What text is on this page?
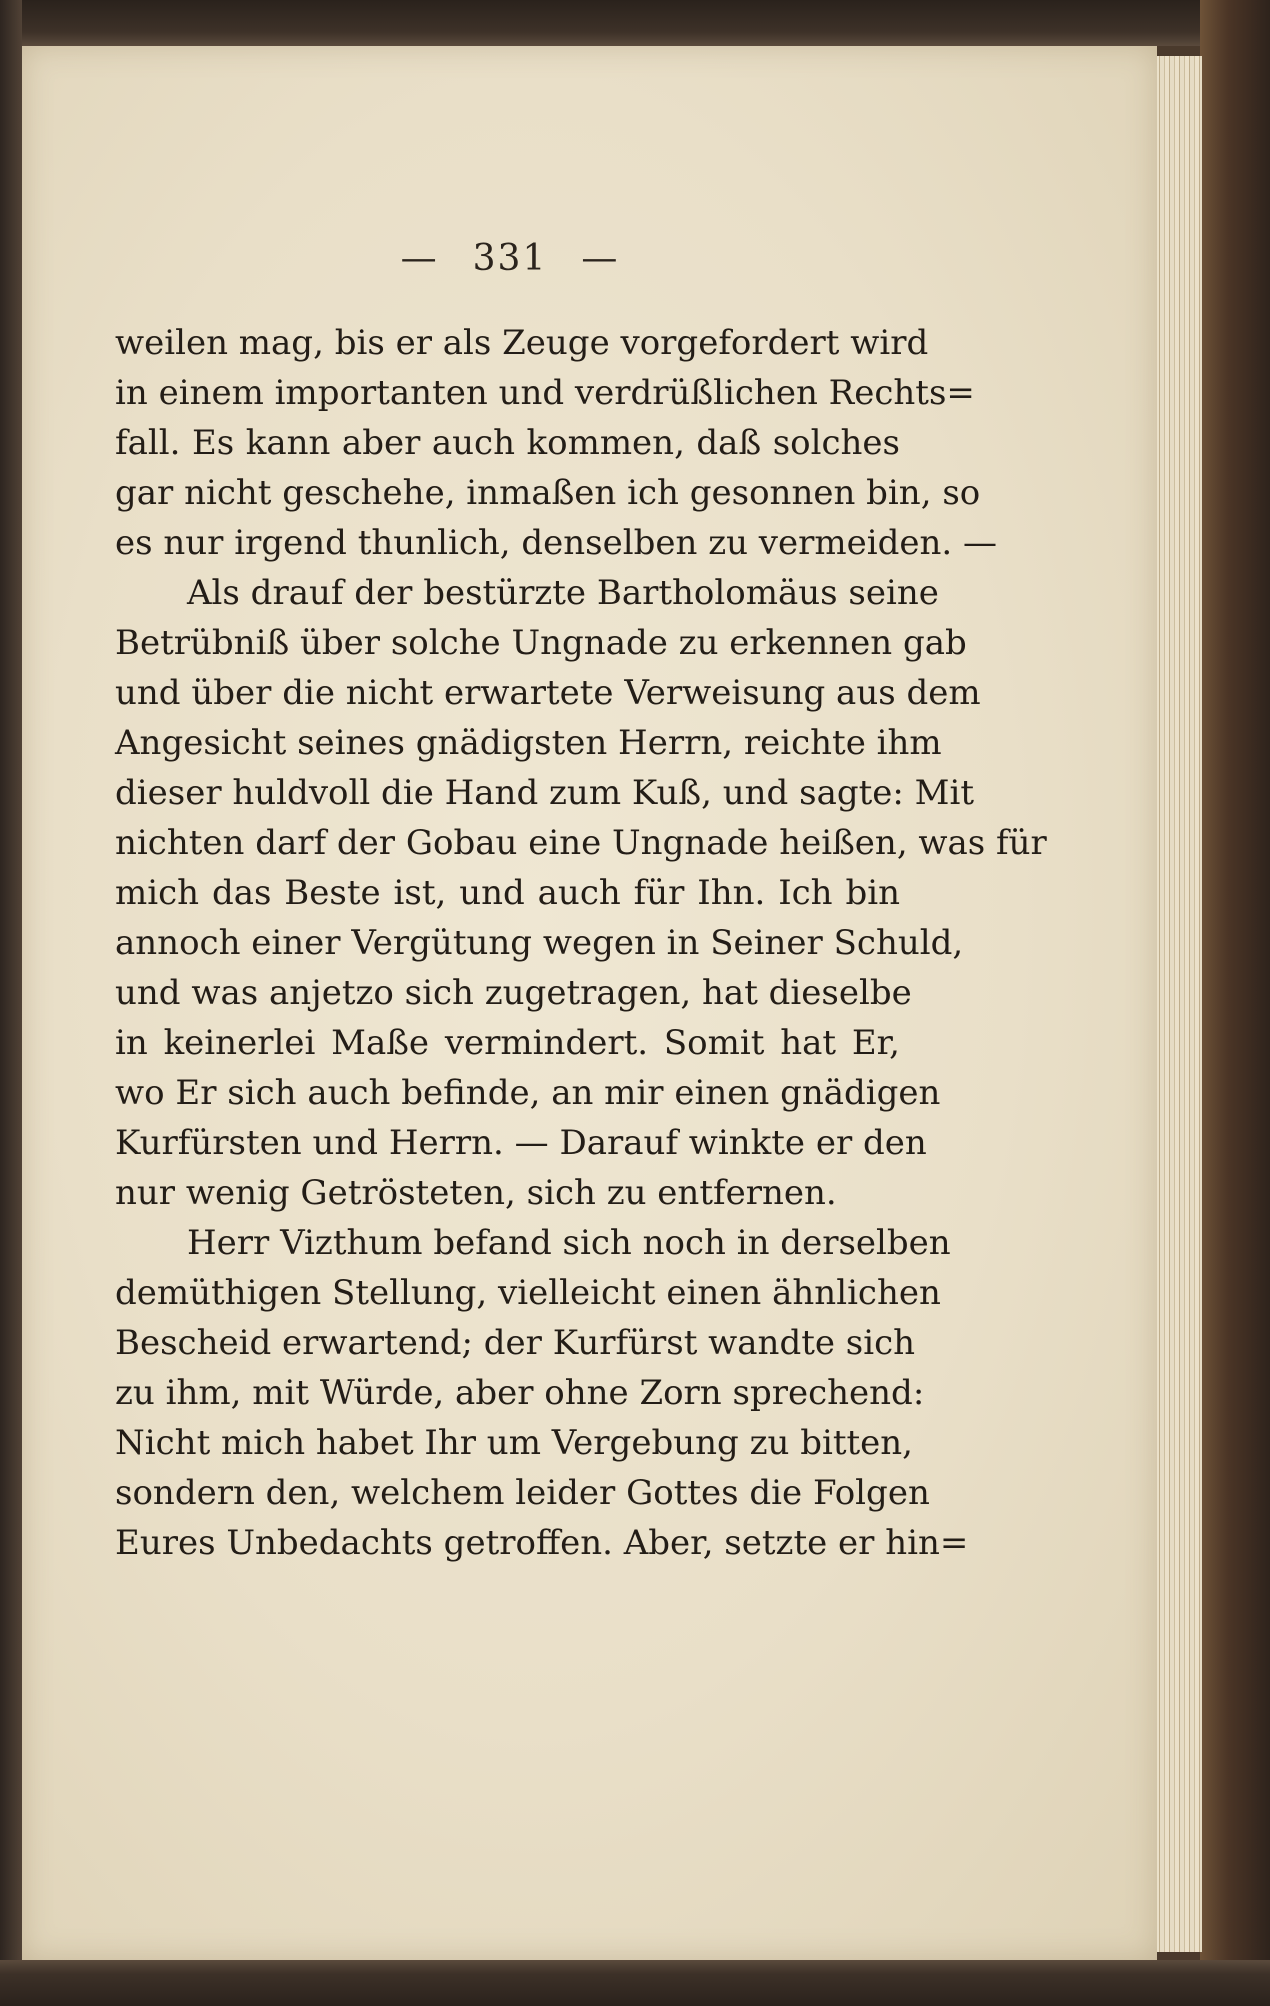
— 331 —
weilen mag, bis er als Zeuge vorgefordert wird
in einem importanten und verdrüßlichen Rechts=
fall. Es kann aber auch kommen, daß solches
gar nicht geschehe, inmaßen ich gesonnen bin, so
es nur irgend thunlich, denselben zu vermeiden. —
Als drauf der bestürzte Bartholomäus seine
Betrübniß über solche Ungnade zu erkennen gab
und über die nicht erwartete Verweisung aus dem
Angesicht seines gnädigsten Herrn, reichte ihm
dieser huldvoll die Hand zum Kuß, und sagte: Mit
nichten darf der Gobau eine Ungnade heißen, was für
mich das Beste ist, und auch für Ihn. Ich bin
annoch einer Vergütung wegen in Seiner Schuld,
und was anjetzo sich zugetragen, hat dieselbe
in keinerlei Maße vermindert. Somit hat Er,
wo Er sich auch befinde, an mir einen gnädigen
Kurfürsten und Herrn. — Darauf winkte er den
nur wenig Getrösteten, sich zu entfernen.
Herr Vizthum befand sich noch in derselben
demüthigen Stellung, vielleicht einen ähnlichen
Bescheid erwartend; der Kurfürst wandte sich
zu ihm, mit Würde, aber ohne Zorn sprechend:
Nicht mich habet Ihr um Vergebung zu bitten,
sondern den, welchem leider Gottes die Folgen
Eures Unbedachts getroffen. Aber, setzte er hin=
